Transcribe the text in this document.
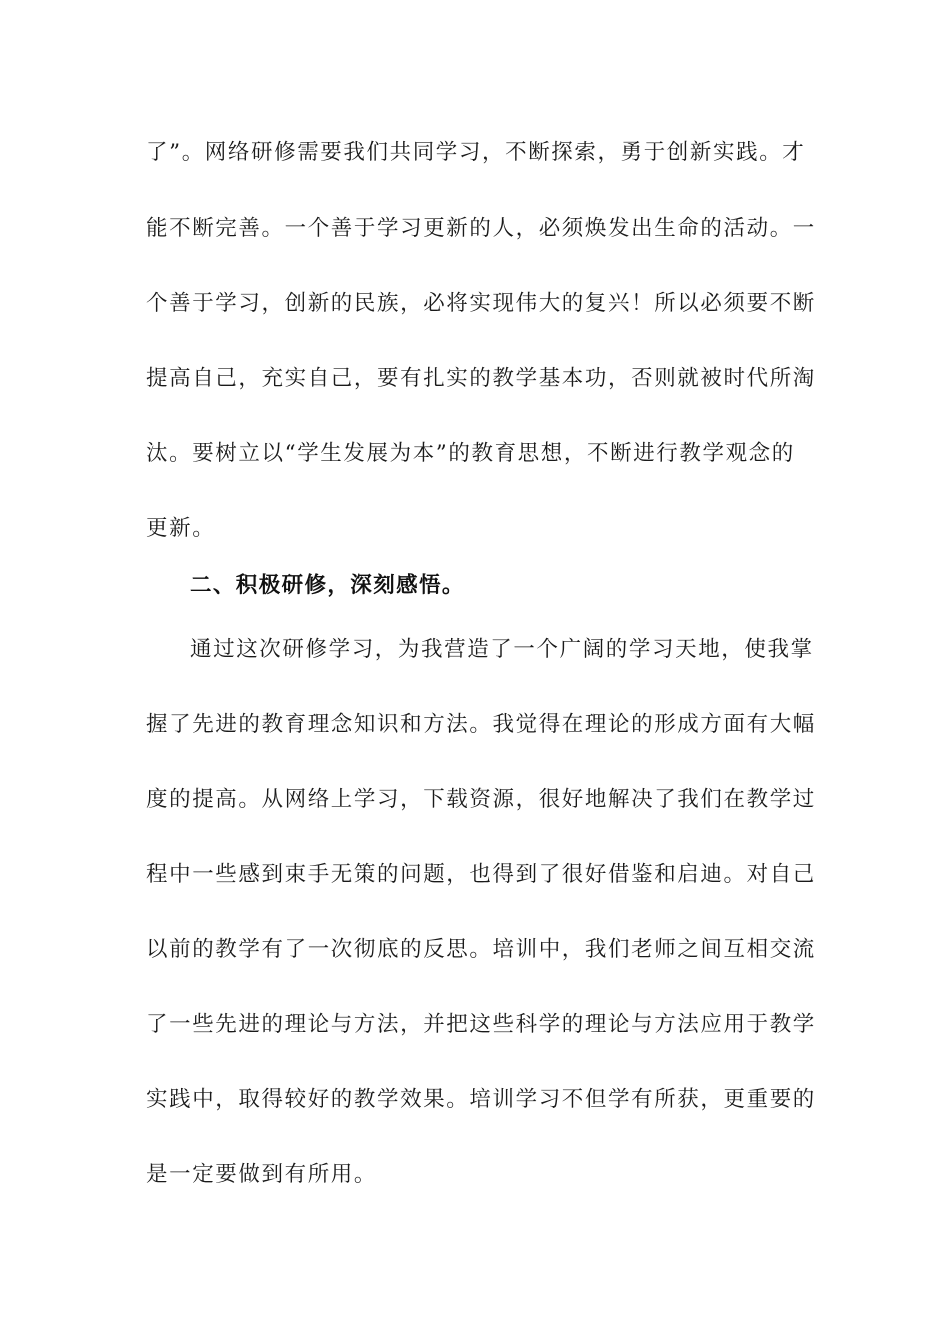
了”。网络研修需要我们共同学习，不断探索，勇于创新实践。才
能不断完善。一个善于学习更新的人，必须焕发出生命的活动。一
个善于学习，创新的民族，必将实现伟大的复兴！所以必须要不断
提高自己，充实自己，要有扎实的教学基本功，否则就被时代所淘
汰。要树立以“学生发展为本”的教育思想，不断进行教学观念的
更新。
二、积极研修，深刻感悟。
通过这次研修学习，为我营造了一个广阔的学习天地，使我掌
握了先进的教育理念知识和方法。我觉得在理论的形成方面有大幅
度的提高。从网络上学习，下载资源，很好地解决了我们在教学过
程中一些感到束手无策的问题，也得到了很好借鉴和启迪。对自己
以前的教学有了一次彻底的反思。培训中，我们老师之间互相交流
了一些先进的理论与方法，并把这些科学的理论与方法应用于教学
实践中，取得较好的教学效果。培训学习不但学有所获，更重要的
是一定要做到有所用。
